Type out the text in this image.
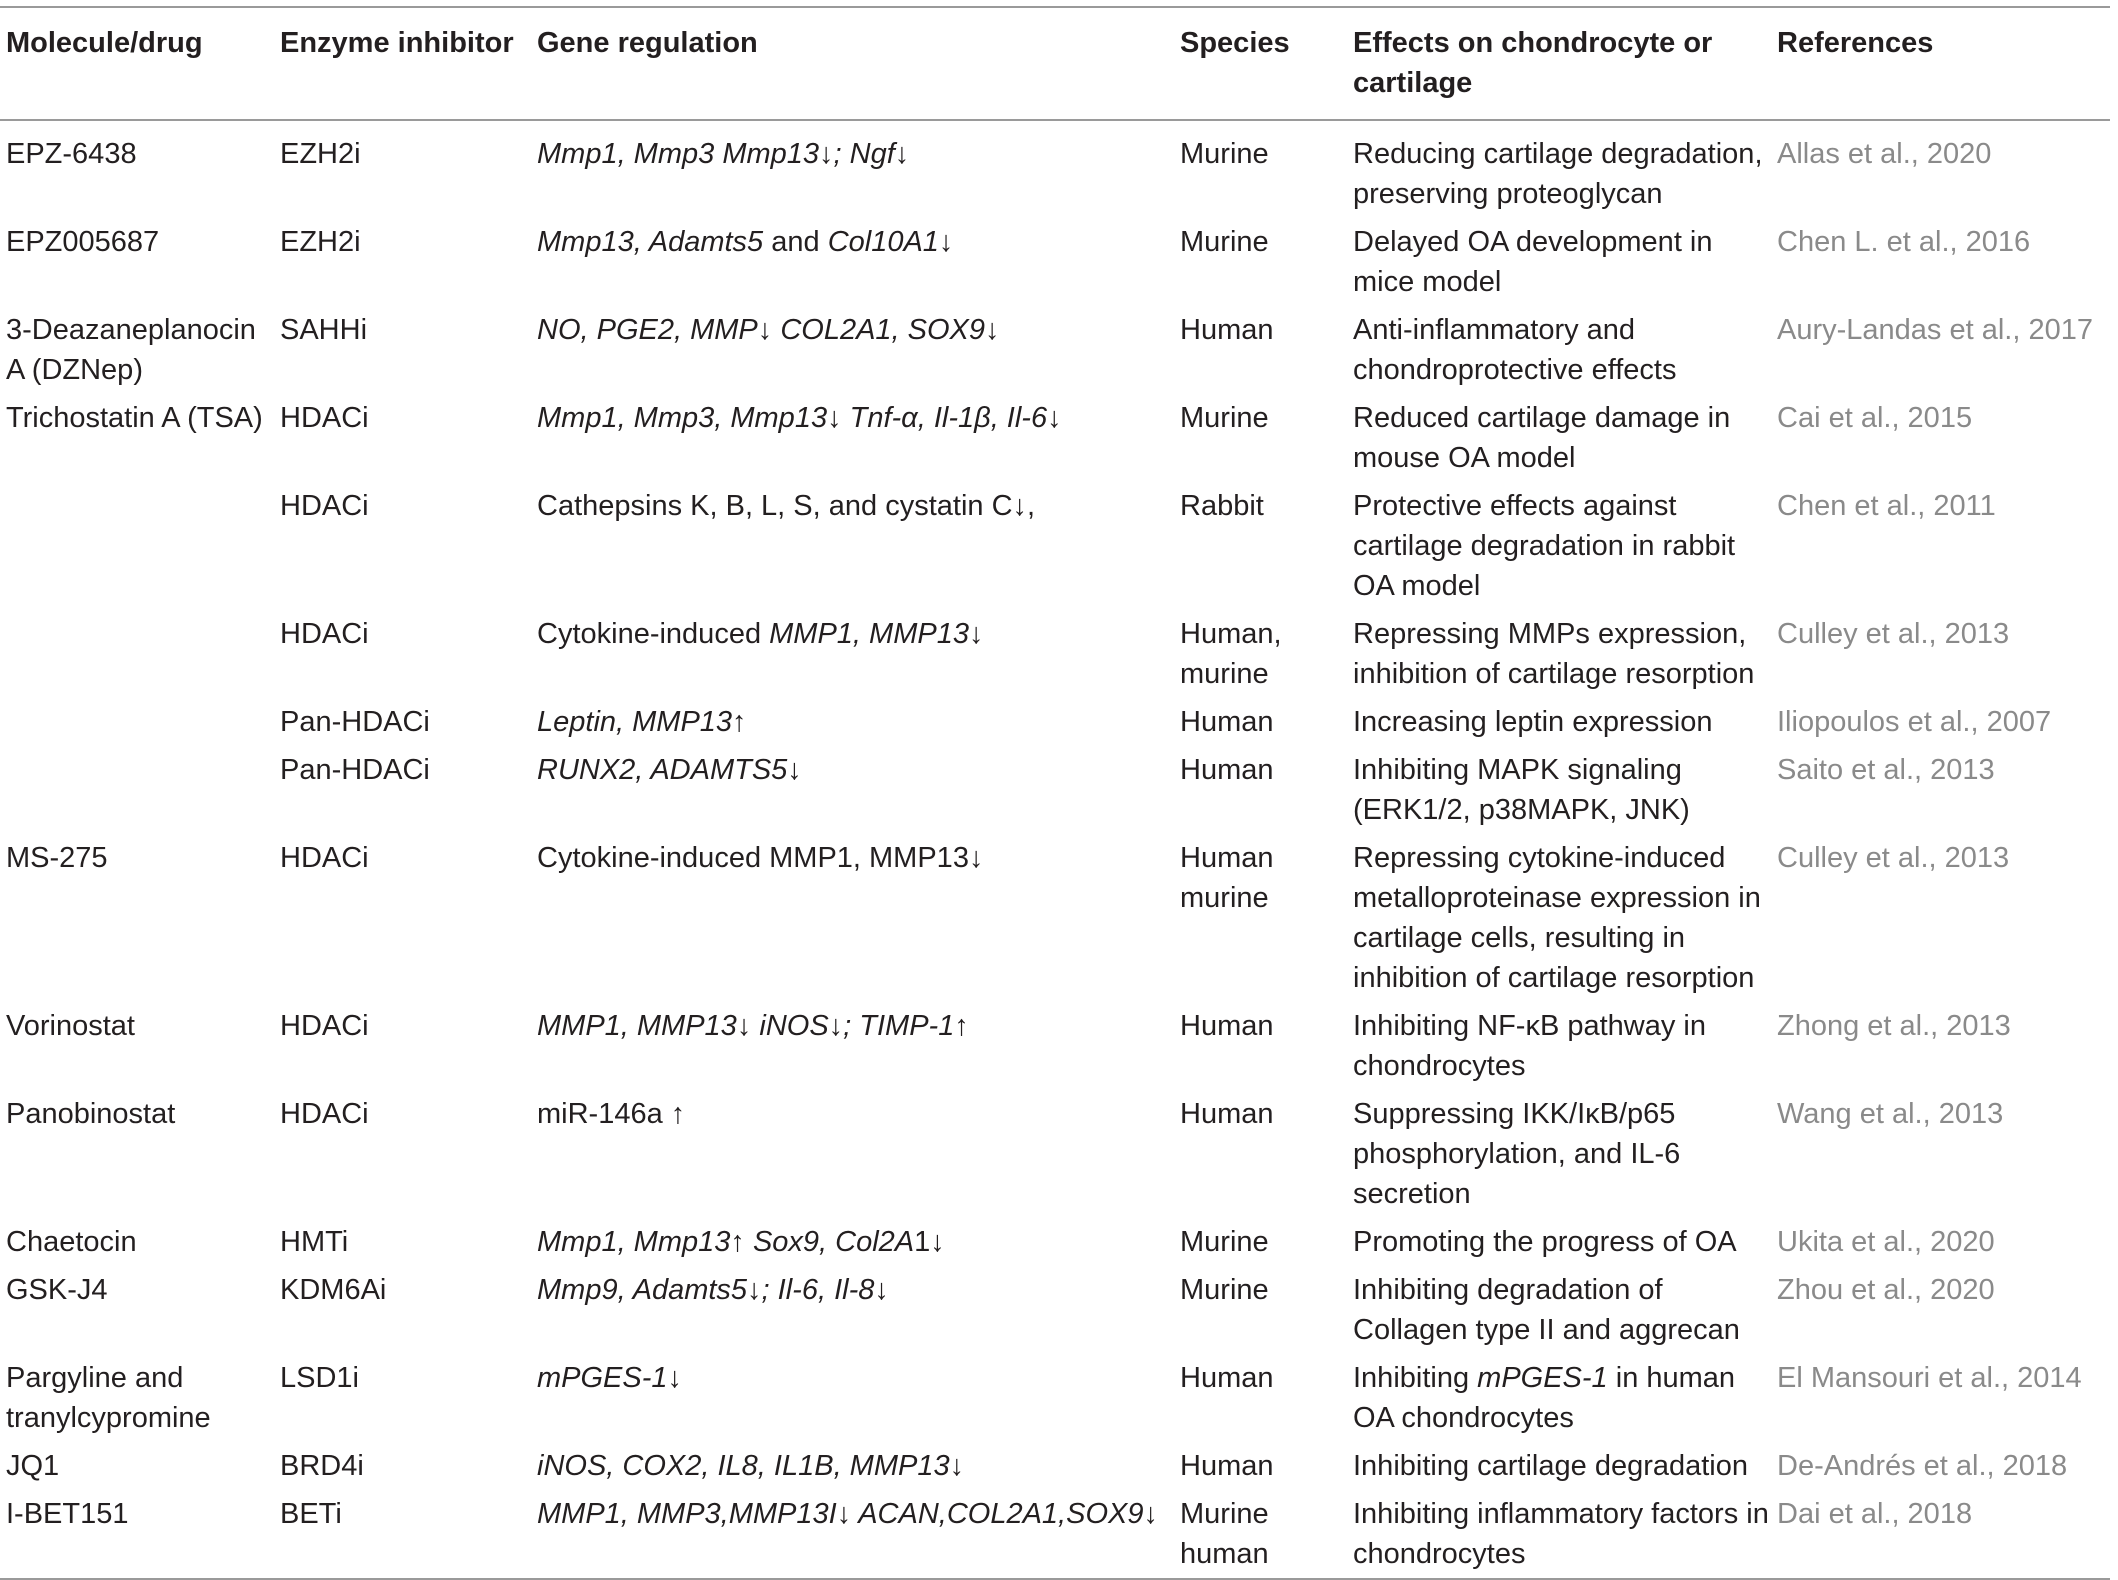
Molecule/drug	Enzyme inhibitor	Gene regulation	Species	Effects on chondrocyte or cartilage	References
EPZ-6438	EZH2i	Mmp1, Mmp3 Mmp13↓; Ngf↓	Murine	Reducing cartilage degradation, preserving proteoglycan	Allas et al., 2020
EPZ005687	EZH2i	Mmp13, Adamts5 and Col10A1↓	Murine	Delayed OA development in mice model	Chen L. et al., 2016
3-Deazaneplanocin A (DZNep)	SAHHi	NO, PGE2, MMP↓ COL2A1, SOX9↓	Human	Anti-inflammatory and chondroprotective effects	Aury-Landas et al., 2017
Trichostatin A (TSA)	HDACi	Mmp1, Mmp3, Mmp13↓ Tnf-α, Il-1β, Il-6↓	Murine	Reduced cartilage damage in mouse OA model	Cai et al., 2015
	HDACi	Cathepsins K, B, L, S, and cystatin C↓,	Rabbit	Protective effects against cartilage degradation in rabbit OA model	Chen et al., 2011
	HDACi	Cytokine-induced MMP1, MMP13↓	Human, murine	Repressing MMPs expression, inhibition of cartilage resorption	Culley et al., 2013
	Pan-HDACi	Leptin, MMP13↑	Human	Increasing leptin expression	Iliopoulos et al., 2007
	Pan-HDACi	RUNX2, ADAMTS5↓	Human	Inhibiting MAPK signaling (ERK1/2, p38MAPK, JNK)	Saito et al., 2013
MS-275	HDACi	Cytokine-induced MMP1, MMP13↓	Human murine	Repressing cytokine-induced metalloproteinase expression in cartilage cells, resulting in inhibition of cartilage resorption	Culley et al., 2013
Vorinostat	HDACi	MMP1, MMP13↓ iNOS↓; TIMP-1↑	Human	Inhibiting NF-κB pathway in chondrocytes	Zhong et al., 2013
Panobinostat	HDACi	miR-146a ↑	Human	Suppressing IKK/IκB/p65 phosphorylation, and IL-6 secretion	Wang et al., 2013
Chaetocin	HMTi	Mmp1, Mmp13↑ Sox9, Col2A1↓	Murine	Promoting the progress of OA	Ukita et al., 2020
GSK-J4	KDM6Ai	Mmp9, Adamts5↓; Il-6, Il-8↓	Murine	Inhibiting degradation of Collagen type II and aggrecan	Zhou et al., 2020
Pargyline and tranylcypromine	LSD1i	mPGES-1↓	Human	Inhibiting mPGES-1 in human OA chondrocytes	El Mansouri et al., 2014
JQ1	BRD4i	iNOS, COX2, IL8, IL1B, MMP13↓	Human	Inhibiting cartilage degradation	De-Andrés et al., 2018
I-BET151	BETi	MMP1, MMP3,MMP13I↓ ACAN,COL2A1,SOX9↓	Murine human	Inhibiting inflammatory factors in chondrocytes	Dai et al., 2018
